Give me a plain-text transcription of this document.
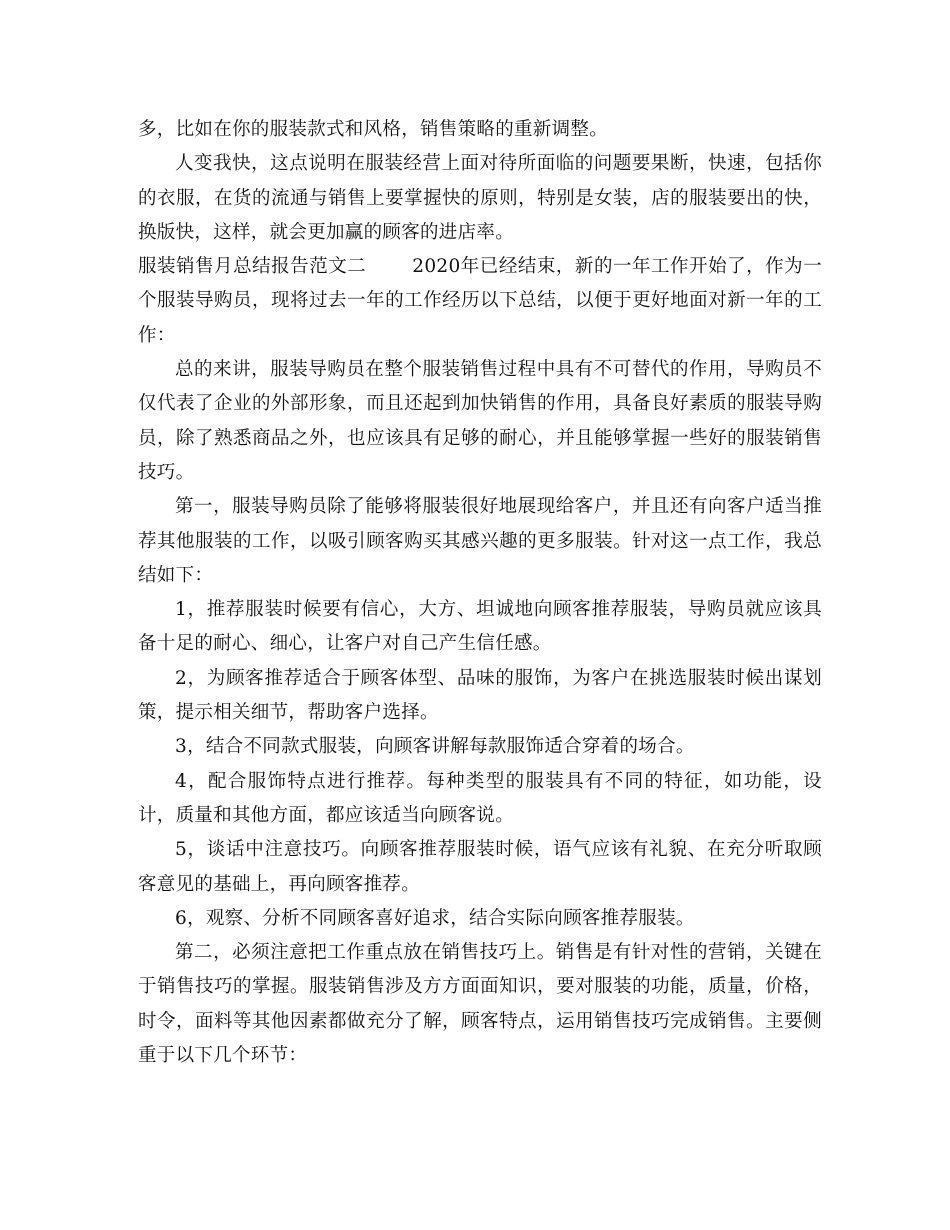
多，比如在你的服装款式和风格，销售策略的重新调整。

人变我快，这点说明在服装经营上面对待所面临的问题要果断，快速，包括你的衣服，在货的流通与销售上要掌握快的原则，特别是女装，店的服装要出的快，换版快，这样，就会更加赢的顾客的进店率。

服装销售月总结报告范文二 2020年已经结束，新的一年工作开始了，作为一个服装导购员，现将过去一年的工作经历以下总结，以便于更好地面对新一年的工作：

总的来讲，服装导购员在整个服装销售过程中具有不可替代的作用，导购员不仅代表了企业的外部形象，而且还起到加快销售的作用，具备良好素质的服装导购员，除了熟悉商品之外，也应该具有足够的耐心，并且能够掌握一些好的服装销售技巧。

第一，服装导购员除了能够将服装很好地展现给客户，并且还有向客户适当推荐其他服装的工作，以吸引顾客购买其感兴趣的更多服装。针对这一点工作，我总结如下：

1，推荐服装时候要有信心，大方、坦诚地向顾客推荐服装，导购员就应该具备十足的耐心、细心，让客户对自己产生信任感。

2，为顾客推荐适合于顾客体型、品味的服饰，为客户在挑选服装时候出谋划策，提示相关细节，帮助客户选择。

3，结合不同款式服装，向顾客讲解每款服饰适合穿着的场合。

4，配合服饰特点进行推荐。每种类型的服装具有不同的特征，如功能，设计，质量和其他方面，都应该适当向顾客说。

5，谈话中注意技巧。向顾客推荐服装时候，语气应该有礼貌、在充分听取顾客意见的基础上，再向顾客推荐。

6，观察、分析不同顾客喜好追求，结合实际向顾客推荐服装。

第二，必须注意把工作重点放在销售技巧上。销售是有针对性的营销，关键在于销售技巧的掌握。服装销售涉及方方面面知识，要对服装的功能，质量，价格，时令，面料等其他因素都做充分了解，顾客特点，运用销售技巧完成销售。主要侧重于以下几个环节：
